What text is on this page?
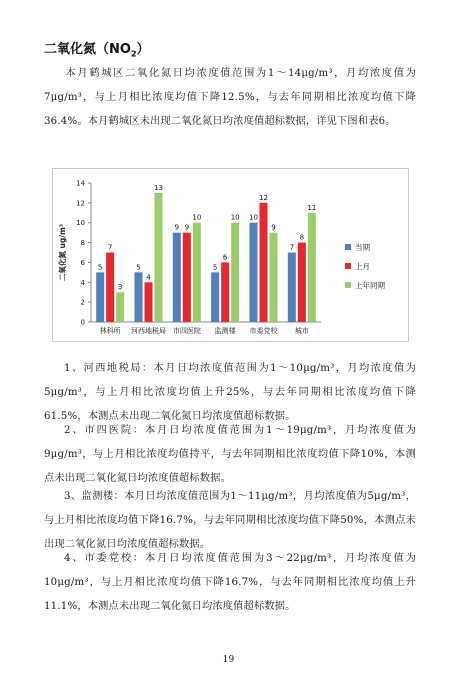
二氧化氮$(NO_2)$

本月鹤城区二氧化氮日均浓度值范围为1～14μg/m³，月均浓度值为7μg/m³，与上月相比浓度均值下降12.5%，与去年同期相比浓度均值下降36.4%。本月鹤城区未出现二氧化氮日均浓度值超标数据，详见下图和表6。

0
2
4
6
8
10
12
14
二氧化氮 ug/m³	5
7
3
林科所
5
4
13
河西地税局
9 9
10
市四医院
5
6
10
监测楼
10
12
9
市委党校
7
8
11
城市
当期
上月
上年同期

1、河西地税局：本月日均浓度值范围为1～10μg/m³，月均浓度值为5μg/m³，与上月相比浓度均值上升25%，与去年同期相比浓度均值下降61.5%，本测点未出现二氧化氮日均浓度值超标数据。

2、市四医院：本月日均浓度值范围为1～19μg/m³，月均浓度值为9μg/m³，与上月相比浓度均值持平，与去年同期相比浓度均值下降10%，本测点未出现二氧化氮日均浓度值超标数据。

3、监测楼：本月日均浓度值范围为1～11μg/m³，月均浓度值为5μg/m³，与上月相比浓度均值下降16.7%，与去年同期相比浓度均值下降50%，本测点未出现二氧化氮日均浓度值超标数据。

4、市委党校：本月日均浓度值范围为3～22μg/m³，月均浓度值为10μg/m³，与上月相比浓度均值下降16.7%，与去年同期相比浓度均值上升11.1%，本测点未出现二氧化氮日均浓度值超标数据。

19
